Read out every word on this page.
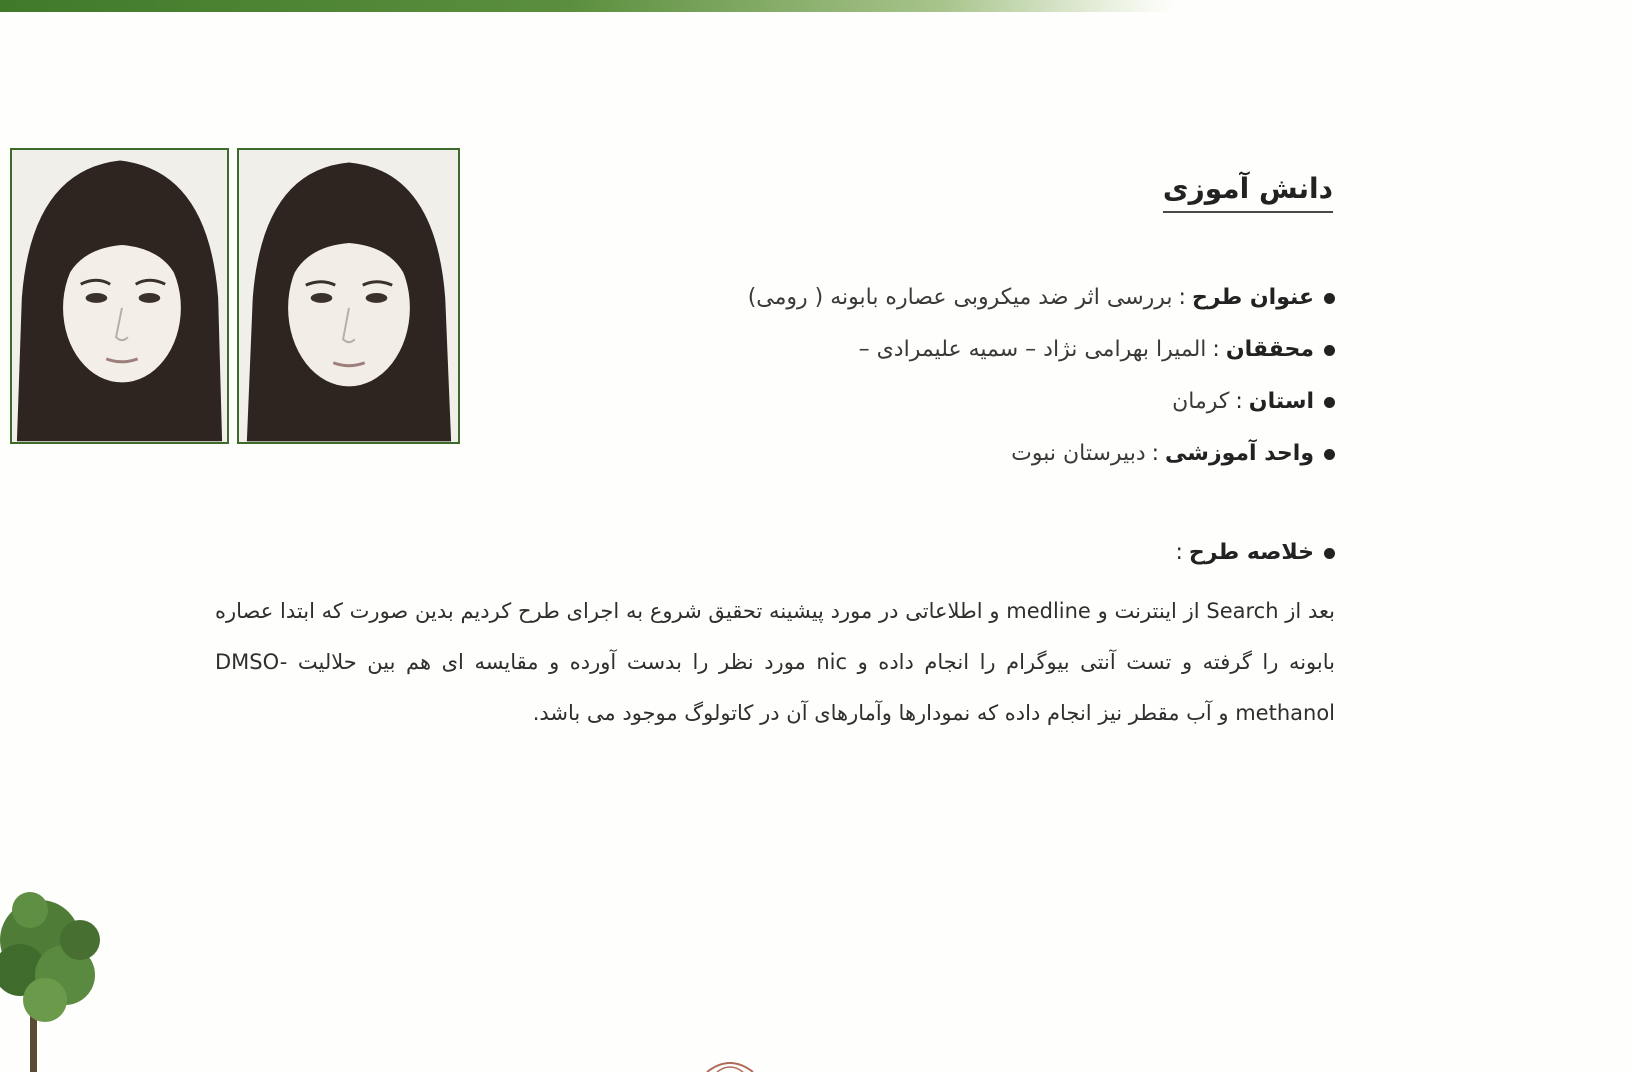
دانش آموزی
عنوان طرح:بررسی اثر ضد میکروبی عصاره بابونه ( رومی)
محققان:المیرا بهرامی نژاد – سمیه علیمرادی –
استان:کرمان
واحد آموزشی:دبیرستان نبوت

خلاصه طرح:

بعد از Search از اینترنت و medline و اطلاعاتی در مورد پیشینه تحقیق شروع به اجرای طرح کردیم بدین صورت که ابتدا عصاره بابونه را گرفته و تست آنتی بیوگرام را انجام داده و nic مورد نظر را بدست آورده و مقایسه ای هم بین حلالیت DMSO-methanol و آب مقطر نیز انجام داده که نمودارها وآمارهای آن در کاتولوگ موجود می باشد.
